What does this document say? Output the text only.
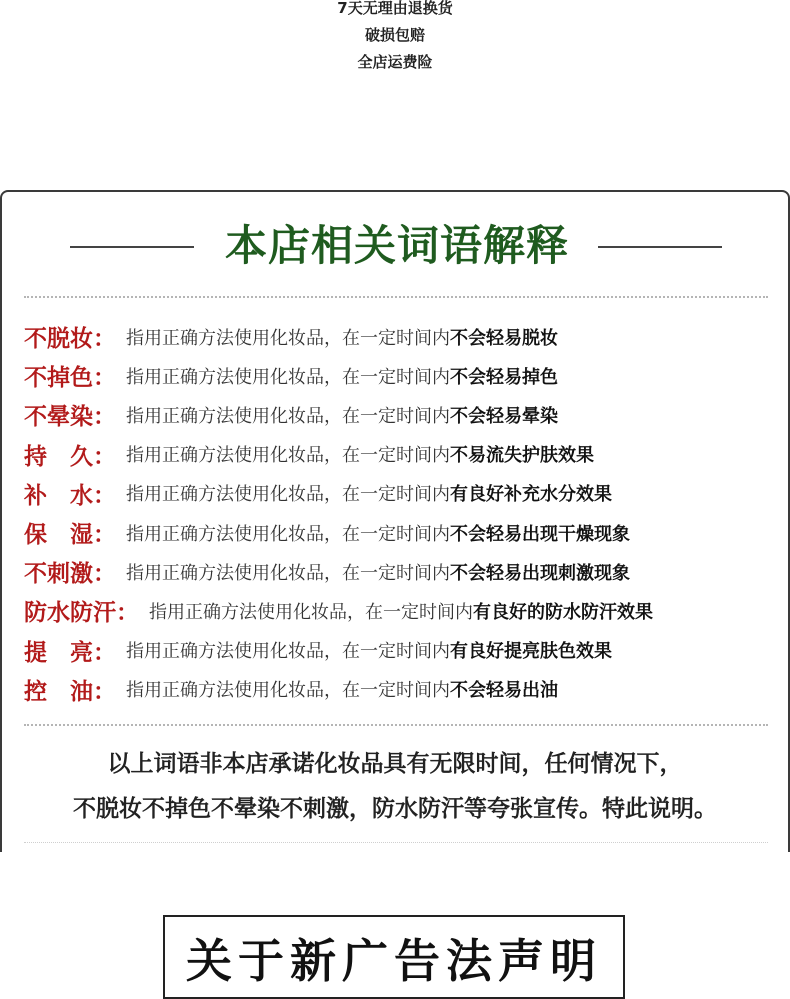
7天无理由退换货
破损包赔
全店运费险
本店相关词语解释
不脱妆 ： 指用正确方法使用化妆品，在一定时间内 不会轻易脱妆
不掉色 ： 指用正确方法使用化妆品，在一定时间内 不会轻易掉色
不晕染 ： 指用正确方法使用化妆品，在一定时间内 不会轻易晕染
持　久 ： 指用正确方法使用化妆品，在一定时间内 不易流失护肤效果
补　水 ： 指用正确方法使用化妆品，在一定时间内 有良好补充水分效果
保　湿 ： 指用正确方法使用化妆品，在一定时间内 不会轻易出现干燥现象
不刺激 ： 指用正确方法使用化妆品，在一定时间内 不会轻易出现刺激现象
防水防汗 ： 指用正确方法使用化妆品，在一定时间内 有良好的防水防汗效果
提　亮 ： 指用正确方法使用化妆品，在一定时间内 有良好提亮肤色效果
控　油 ： 指用正确方法使用化妆品，在一定时间内 不会轻易出油
以上词语非本店承诺化妆品具有无限时间，任何情况下，
不脱妆不掉色不晕染不刺激，防水防汗等夸张宣传。特此说明。
关于新广告法声明
